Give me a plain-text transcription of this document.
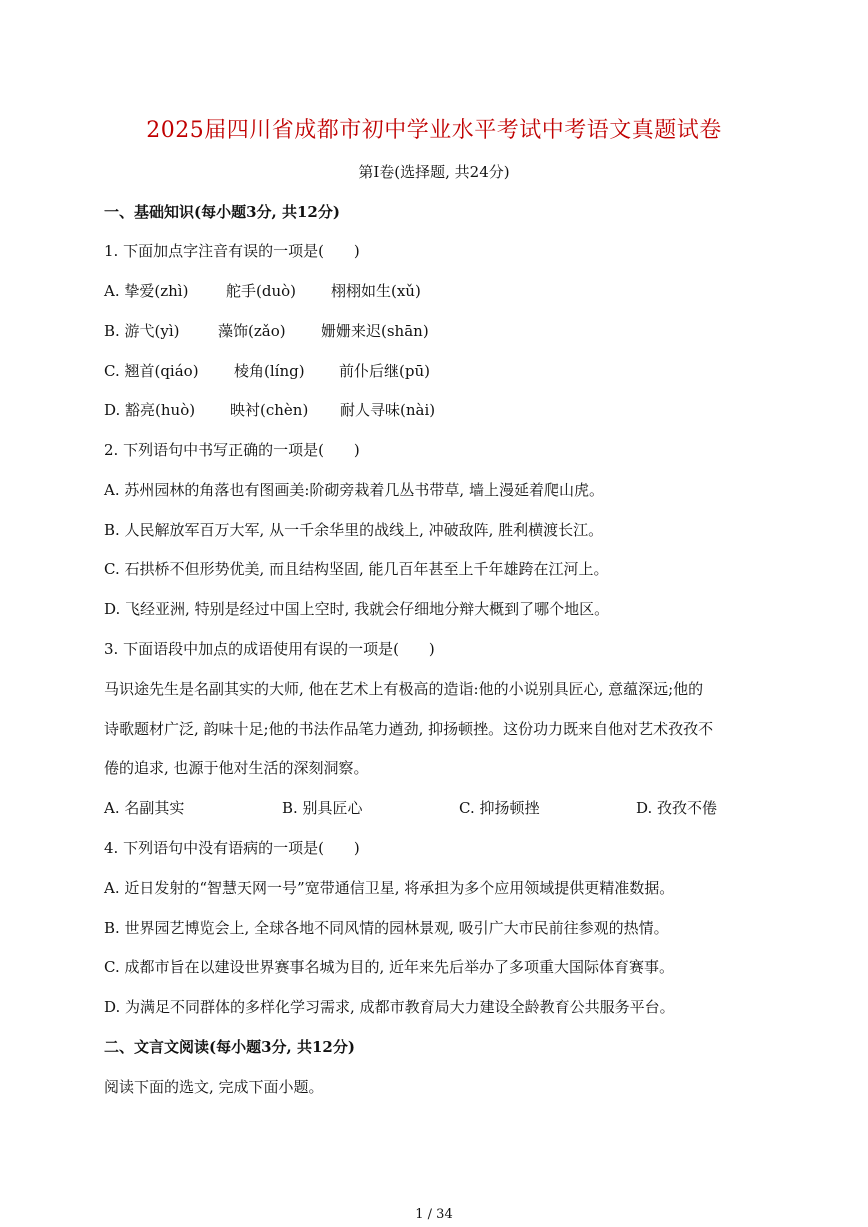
2025届四川省成都市初中学业水平考试中考语文真题试卷
第Ⅰ卷(选择题, 共24分)
一、基础知识(每小题3分, 共12分)
1. 下面加点字注音有误的一项是(　　)
A. 挚爱(zhì)	舵手(duò) 栩栩如生(xǔ)
B. 游弋(yì)	藻饰(zǎo) 姗姗来迟(shān)
C. 翘首(qiáo) 棱角(líng) 前仆后继(pū)
D. 豁亮(huò) 映衬(chèn) 耐人寻味(nài)
2. 下列语句中书写正确的一项是(　　)
A. 苏州园林的角落也有图画美:阶砌旁栽着几丛书带草, 墙上漫延着爬山虎。
B. 人民解放军百万大军, 从一千余华里的战线上, 冲破敌阵, 胜利横渡长江。
C. 石拱桥不但形势优美, 而且结构坚固, 能几百年甚至上千年雄跨在江河上。
D. 飞经亚洲, 特别是经过中国上空时, 我就会仔细地分辩大概到了哪个地区。
3. 下面语段中加点的成语使用有误的一项是(　　)
马识途先生是名副其实的大师, 他在艺术上有极高的造诣:他的小说别具匠心, 意蕴深远;他的
诗歌题材广泛, 韵味十足;他的书法作品笔力遒劲, 抑扬顿挫。这份功力既来自他对艺术孜孜不
倦的追求, 也源于他对生活的深刻洞察。
A. 名副其实	B. 别具匠心	C. 抑扬顿挫	D. 孜孜不倦
4. 下列语句中没有语病的一项是(　　)
A. 近日发射的“智慧天网一号”宽带通信卫星, 将承担为多个应用领域提供更精准数据。
B. 世界园艺博览会上, 全球各地不同风情的园林景观, 吸引广大市民前往参观的热情。
C. 成都市旨在以建设世界赛事名城为目的, 近年来先后举办了多项重大国际体育赛事。
D. 为满足不同群体的多样化学习需求, 成都市教育局大力建设全龄教育公共服务平台。
二、文言文阅读(每小题3分, 共12分)
阅读下面的选文, 完成下面小题。
1 / 34
